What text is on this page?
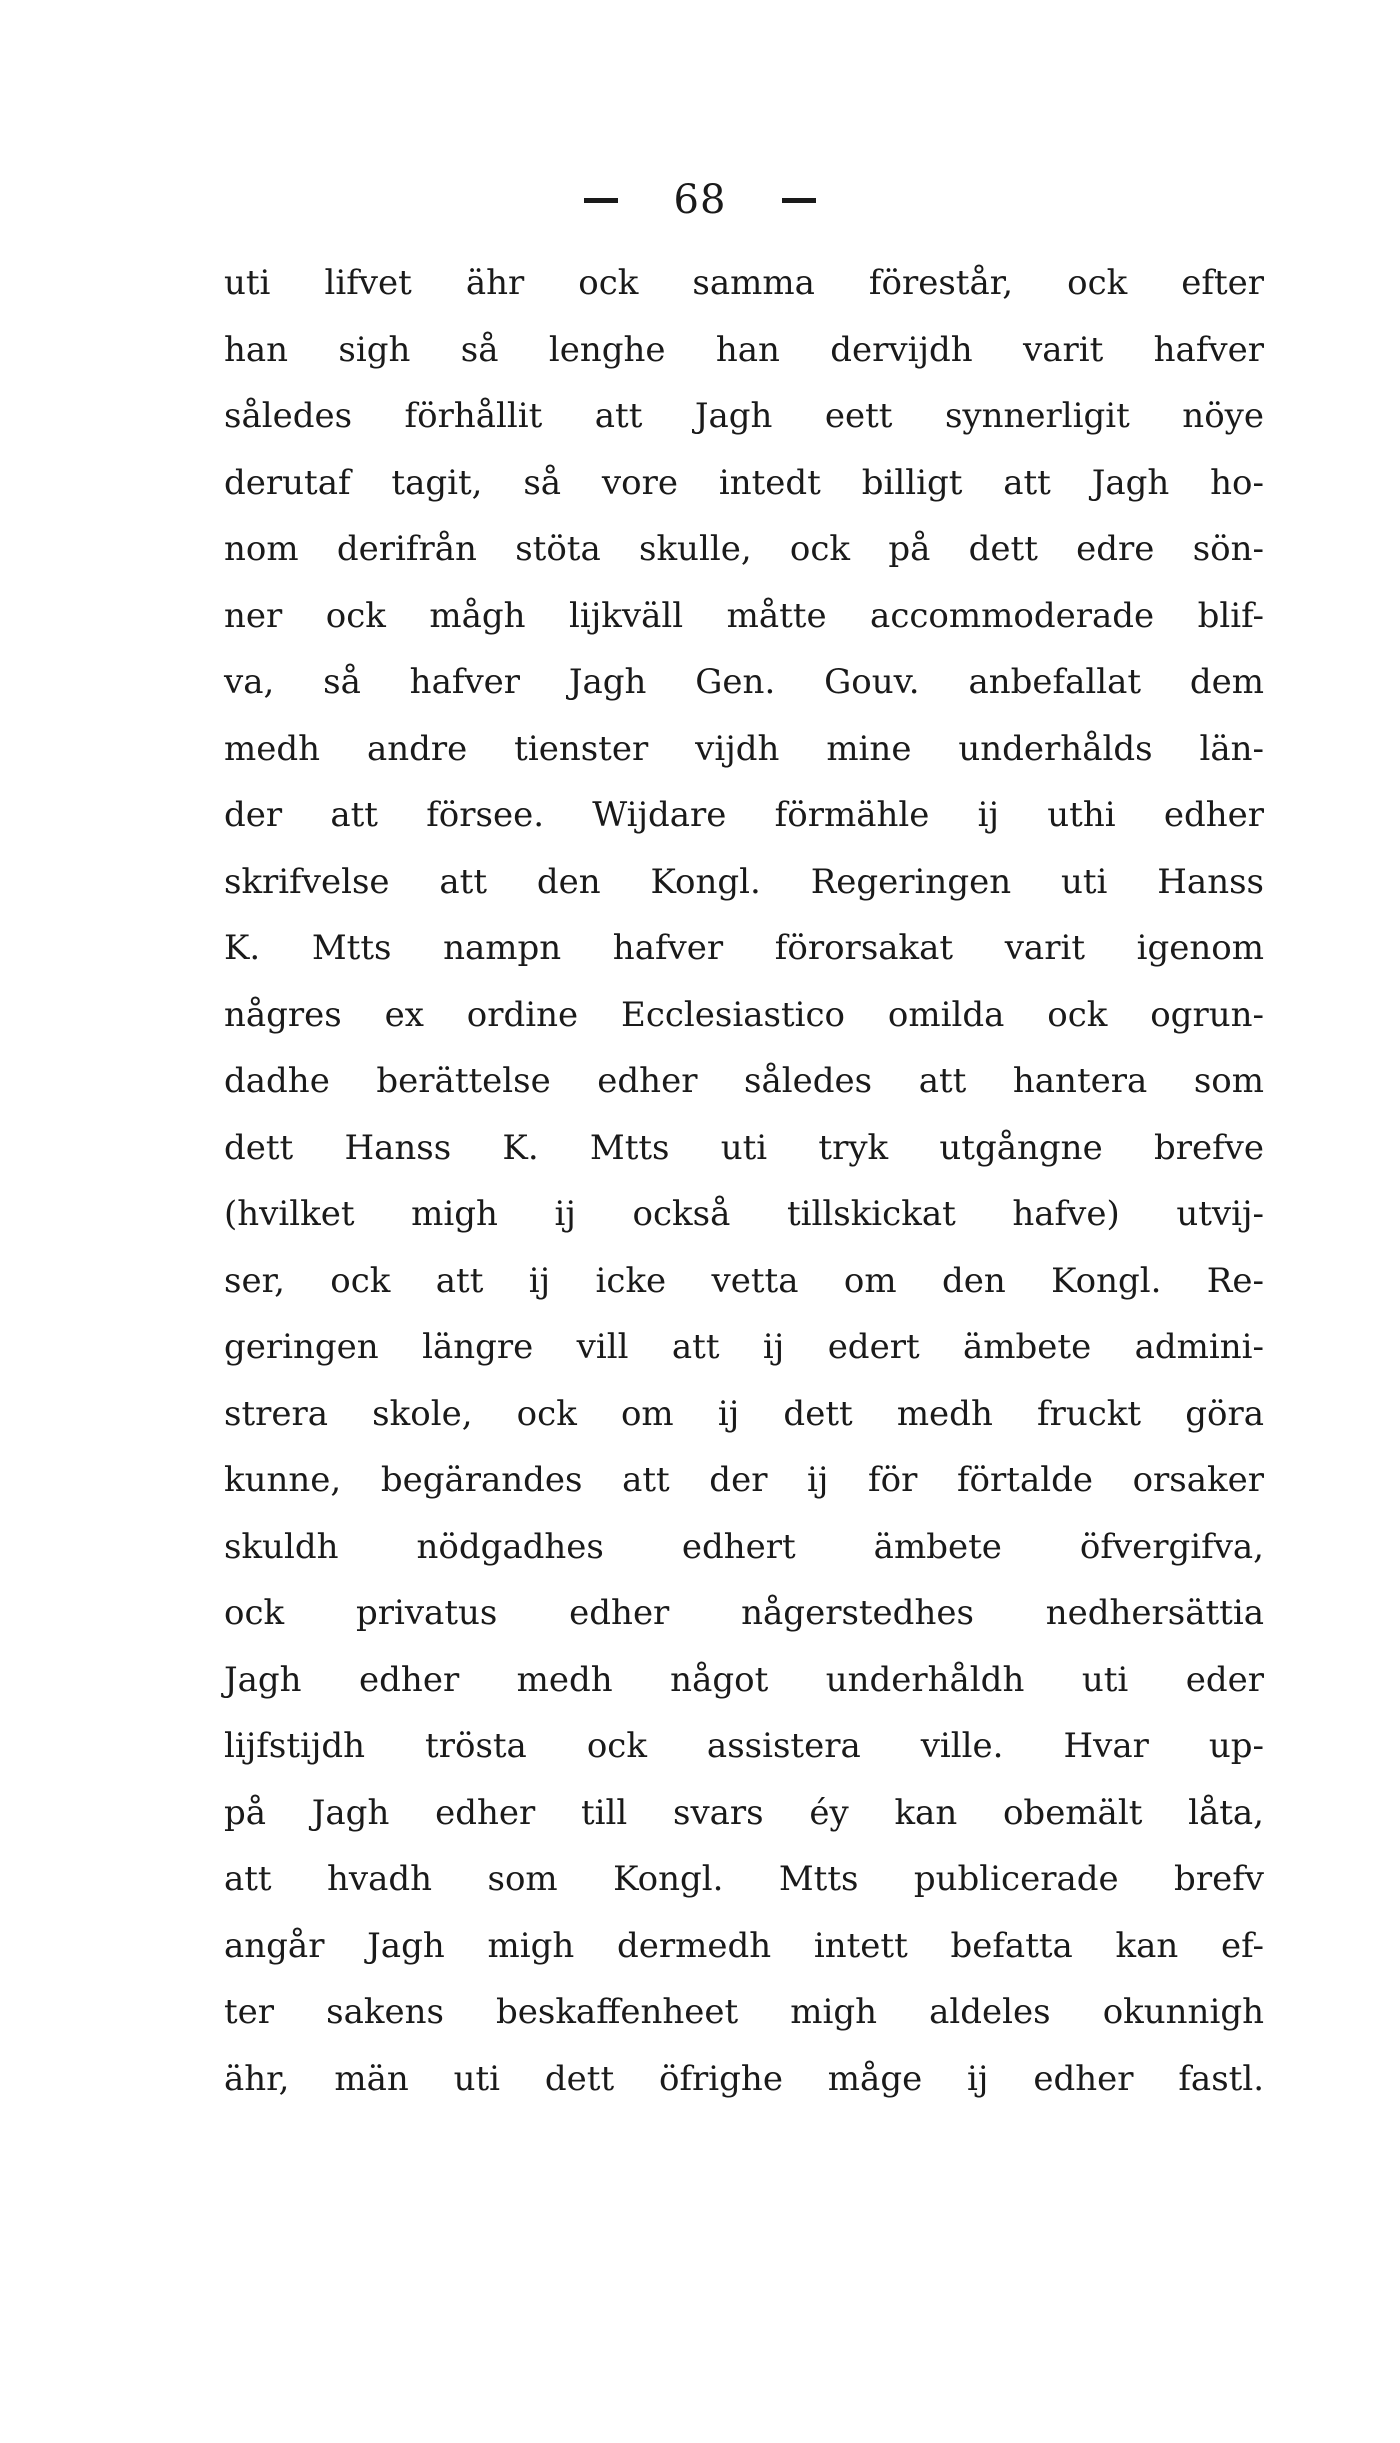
68
uti lifvet ähr ock samma förestår, ock efter
han sigh så lenghe han dervijdh varit hafver
således förhållit att Jagh eett synnerligit nöye
derutaf tagit, så vore intedt billigt att Jagh ho-
nom derifrån stöta skulle, ock på dett edre sön-
ner ock mågh lijkväll måtte accommoderade blif-
va, så hafver Jagh Gen. Gouv. anbefallat dem
medh andre tienster vijdh mine underhålds län-
der att försee. Wijdare förmähle ij uthi edher
skrifvelse att den Kongl. Regeringen uti Hanss
K. Mtts nampn hafver förorsakat varit igenom
någres ex ordine Ecclesiastico omilda ock ogrun-
dadhe berättelse edher således att hantera som
dett Hanss K. Mtts uti tryk utgångne brefve
(hvilket migh ij också tillskickat hafve) utvij-
ser, ock att ij icke vetta om den Kongl. Re-
geringen längre vill att ij edert ämbete admini-
strera skole, ock om ij dett medh fruckt göra
kunne, begärandes att der ij för förtalde orsaker
skuldh nödgadhes edhert ämbete öfvergifva,
ock privatus edher någerstedhes nedhersättia
Jagh edher medh något underhåldh uti eder
lijfstijdh trösta ock assistera ville. Hvar up-
på Jagh edher till svars éy kan obemält låta,
att hvadh som Kongl. Mtts publicerade brefv
angår Jagh migh dermedh intett befatta kan ef-
ter sakens beskaffenheet migh aldeles okunnigh
ähr, män uti dett öfrighe måge ij edher fastl.
